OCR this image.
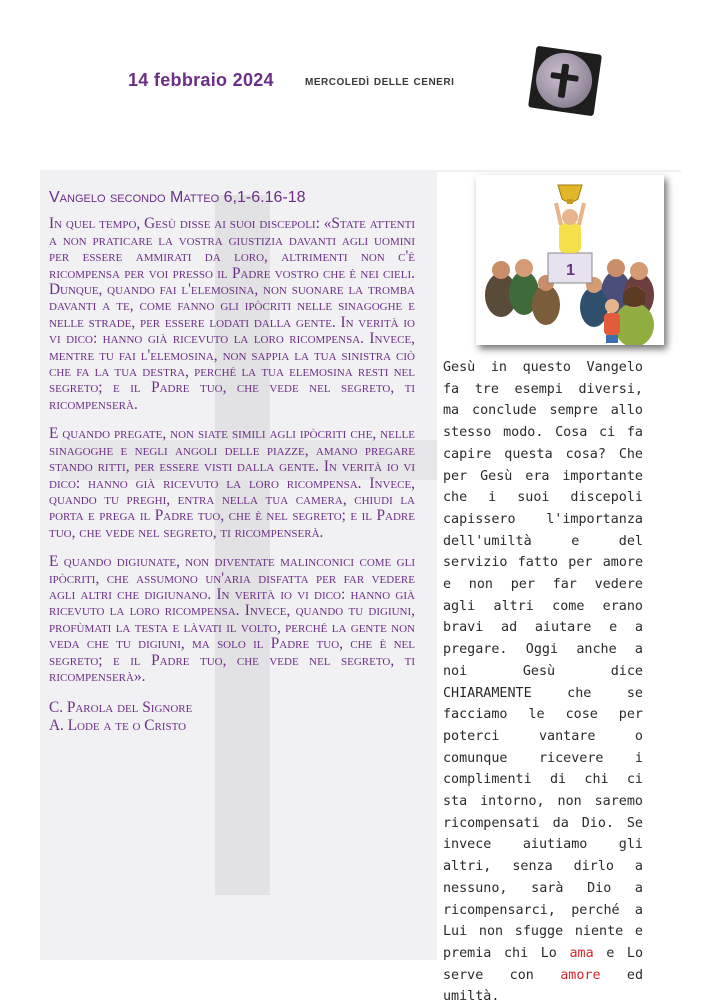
14 febbraio 2024 mercoledì delle ceneri
Vangelo secondo Matteo 6,1-6.16-18

In quel tempo, Gesù disse ai suoi discepoli: «State attenti a non praticare la vostra giustizia davanti agli uomini per essere ammirati da loro, altrimenti non c'è ricompensa per voi presso il Padre vostro che è nei cieli. Dunque, quando fai l'elemosina, non suonare la tromba davanti a te, come fanno gli ipòcriti nelle sinagoghe e nelle strade, per essere lodati dalla gente. In verità io vi dico: hanno già ricevuto la loro ricompensa. Invece, mentre tu fai l'elemosina, non sappia la tua sinistra ciò che fa la tua destra, perché la tua elemosina resti nel segreto; e il Padre tuo, che vede nel segreto, ti ricompenserà.

E quando pregate, non siate simili agli ipòcriti che, nelle sinagoghe e negli angoli delle piazze, amano pregare stando ritti, per essere visti dalla gente. In verità io vi dico: hanno già ricevuto la loro ricompensa. Invece, quando tu preghi, entra nella tua camera, chiudi la porta e prega il Padre tuo, che è nel segreto; e il Padre tuo, che vede nel segreto, ti ricompenserà.

E quando digiunate, non diventate malinconici come gli ipòcriti, che assumono un'aria disfatta per far vedere agli altri che digiunano. In verità io vi dico: hanno già ricevuto la loro ricompensa. Invece, quando tu digiuni, profùmati la testa e làvati il volto, perché la gente non veda che tu digiuni, ma solo il Padre tuo, che è nel segreto; e il Padre tuo, che vede nel segreto, ti ricompenserà».

C. Parola del Signore
A. Lode a te o Cristo
1
Gesù in questo Vangelo fa tre esempi diversi, ma conclude sempre allo stesso modo. Cosa ci fa capire questa cosa? Che per Gesù era importante che i suoi discepoli capissero l'importanza dell'umiltà e del servizio fatto per amore e non per far vedere agli altri come erano bravi ad aiutare e a pregare. Oggi anche a noi Gesù dice CHIARAMENTE che se facciamo le cose per poterci vantare o comunque ricevere i complimenti di chi ci sta intorno, non saremo ricompensati da Dio. Se invece aiutiamo gli altri, senza dirlo a nessuno, sarà Dio a ricompensarci, perché a Lui non sfugge niente e premia chi Lo ama e Lo serve con amore ed umiltà.
